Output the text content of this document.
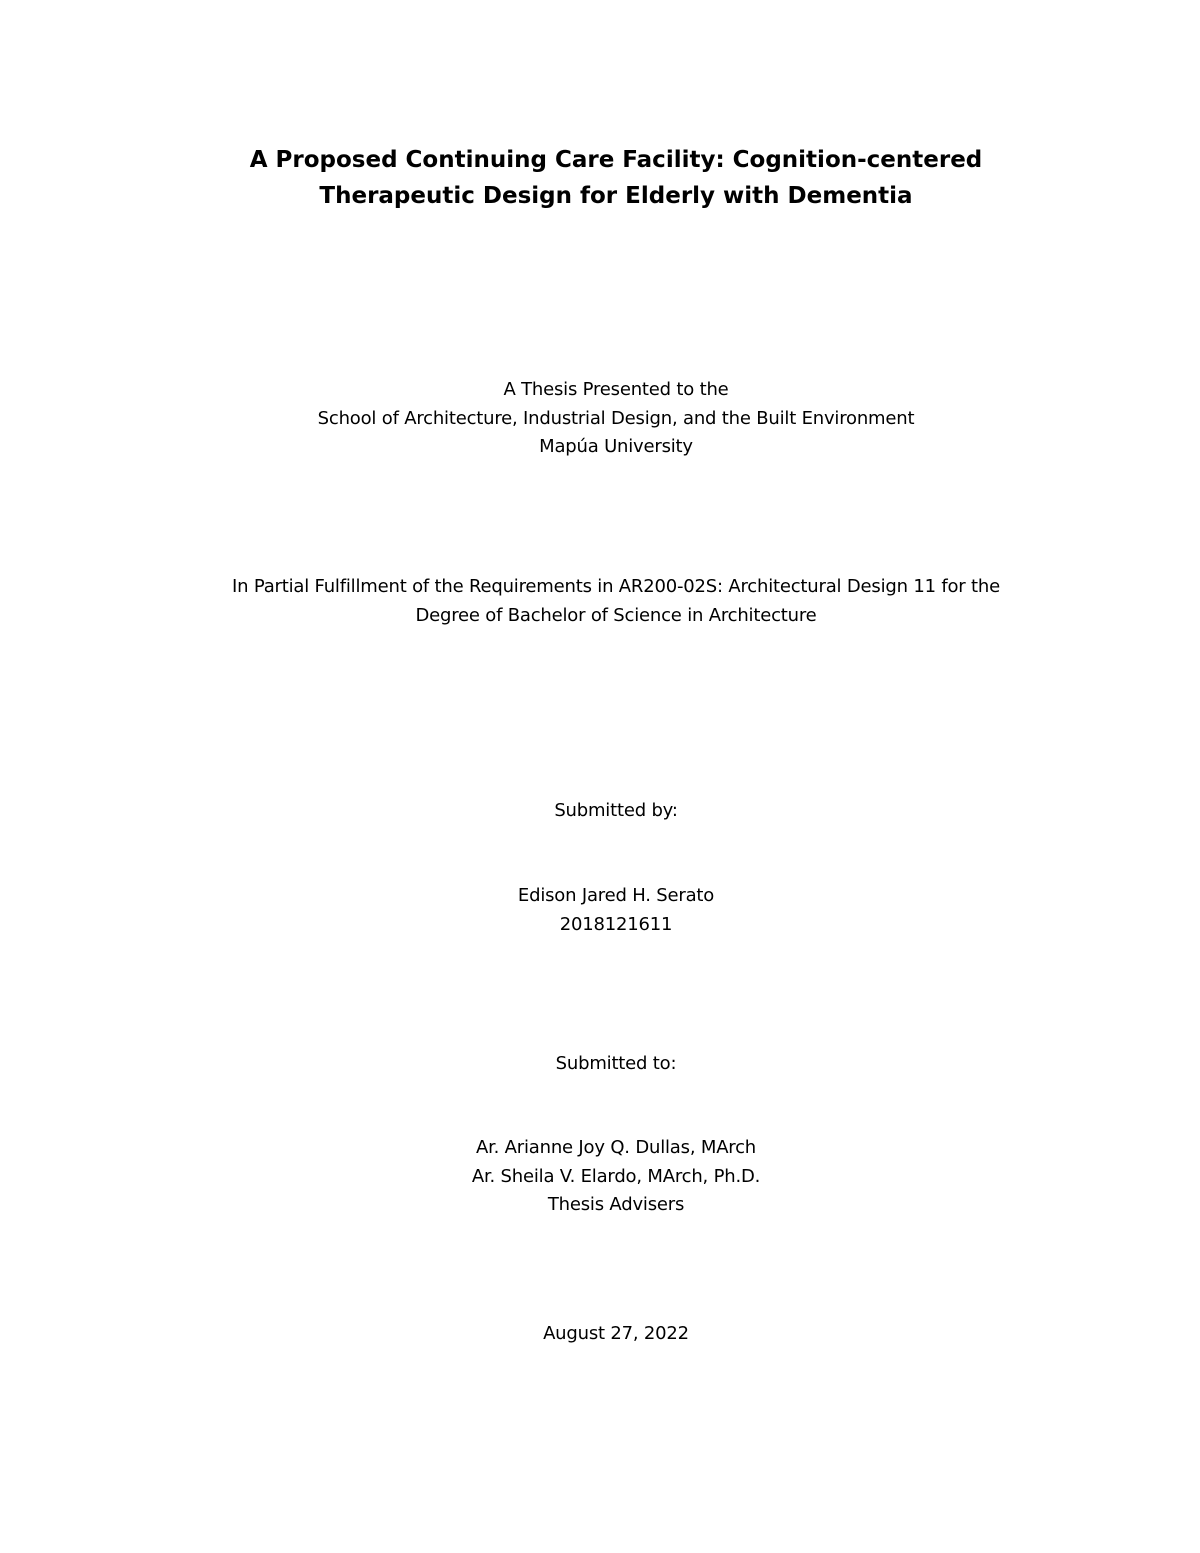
A Proposed Continuing Care Facility: Cognition-centered
Therapeutic Design for Elderly with Dementia
A Thesis Presented to the
School of Architecture, Industrial Design, and the Built Environment
Mapúa University
In Partial Fulfillment of the Requirements in AR200-02S: Architectural Design 11 for the
Degree of Bachelor of Science in Architecture
Submitted by:
Edison Jared H. Serato
2018121611
Submitted to:
Ar. Arianne Joy Q. Dullas, MArch
Ar. Sheila V. Elardo, MArch, Ph.D.
Thesis Advisers
August 27, 2022
